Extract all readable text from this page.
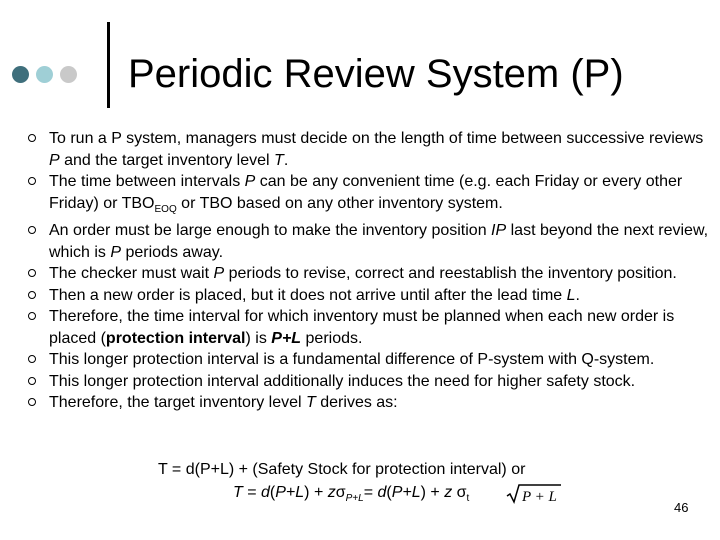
Periodic Review System (P)
To run a P system, managers must decide on the length of time between successive reviews P and the target inventory level T.
The time between intervals P can be any convenient time (e.g. each Friday or every other Friday) or $TBO_{EOQ}$ or TBO based on any other inventory system.
An order must be large enough to make the inventory position IP last beyond the next review, which is P periods away.
The checker must wait P periods to revise, correct and reestablish the inventory position.
Then a new order is placed, but it does not arrive until after the lead time L.
Therefore, the time interval for which inventory must be planned when each new order is placed (protection interval) is P+L periods.
This longer protection interval is a fundamental difference of P-system with Q-system.
This longer protection interval additionally induces the need for higher safety stock.
Therefore, the target inventory level T derives as:
T = d(P+L) + (Safety Stock for protection interval) or
$T = d(P+L) + z\sigma_{P+L}= d(P+L) + z$ $\sigma_t$	P + L
46
